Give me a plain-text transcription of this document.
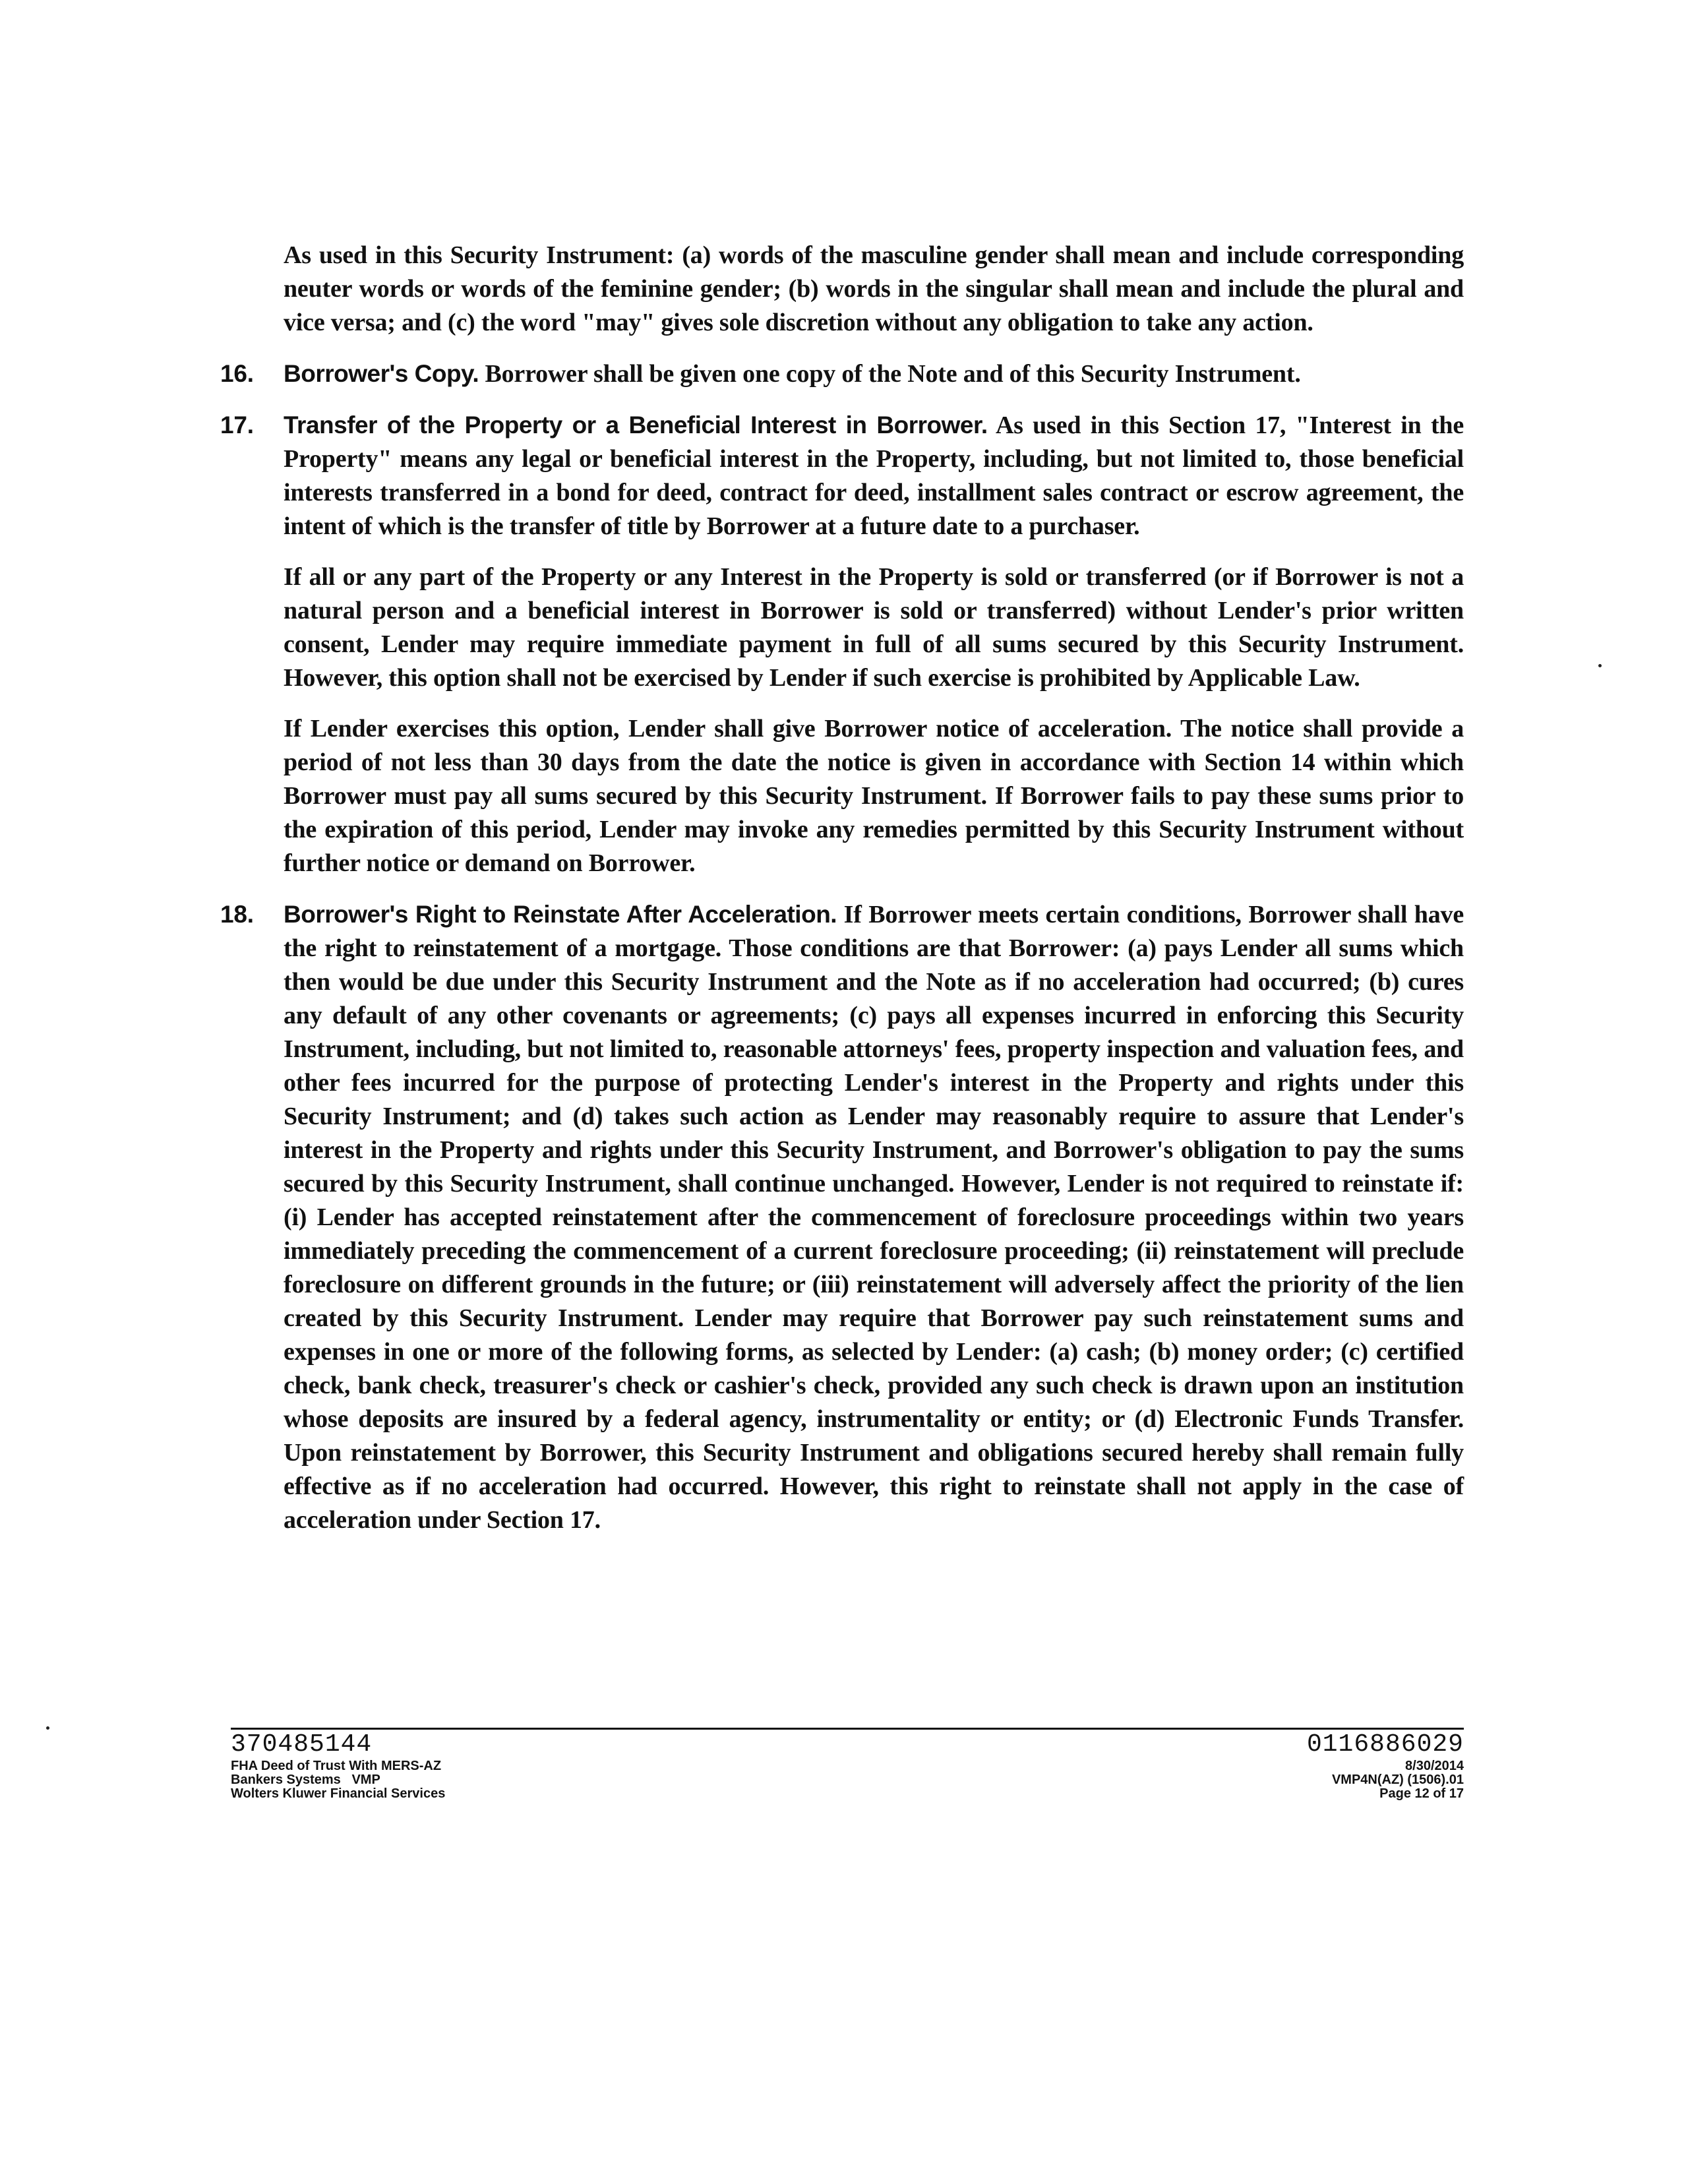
As used in this Security Instrument: (a) words of the masculine gender shall mean and include corresponding neuter words or words of the feminine gender; (b) words in the singular shall mean and include the plural and vice versa; and (c) the word "may" gives sole discretion without any obligation to take any action.

16. Borrower's Copy. Borrower shall be given one copy of the Note and of this Security Instrument.

17. Transfer of the Property or a Beneficial Interest in Borrower. As used in this Section 17, "Interest in the Property" means any legal or beneficial interest in the Property, including, but not limited to, those beneficial interests transferred in a bond for deed, contract for deed, installment sales contract or escrow agreement, the intent of which is the transfer of title by Borrower at a future date to a purchaser.

If all or any part of the Property or any Interest in the Property is sold or transferred (or if Borrower is not a natural person and a beneficial interest in Borrower is sold or transferred) without Lender's prior written consent, Lender may require immediate payment in full of all sums secured by this Security Instrument. However, this option shall not be exercised by Lender if such exercise is prohibited by Applicable Law.

If Lender exercises this option, Lender shall give Borrower notice of acceleration. The notice shall provide a period of not less than 30 days from the date the notice is given in accordance with Section 14 within which Borrower must pay all sums secured by this Security Instrument. If Borrower fails to pay these sums prior to the expiration of this period, Lender may invoke any remedies permitted by this Security Instrument without further notice or demand on Borrower.

18. Borrower's Right to Reinstate After Acceleration. If Borrower meets certain conditions, Borrower shall have the right to reinstatement of a mortgage. Those conditions are that Borrower: (a) pays Lender all sums which then would be due under this Security Instrument and the Note as if no acceleration had occurred; (b) cures any default of any other covenants or agreements; (c) pays all expenses incurred in enforcing this Security Instrument, including, but not limited to, reasonable attorneys' fees, property inspection and valuation fees, and other fees incurred for the purpose of protecting Lender's interest in the Property and rights under this Security Instrument; and (d) takes such action as Lender may reasonably require to assure that Lender's interest in the Property and rights under this Security Instrument, and Borrower's obligation to pay the sums secured by this Security Instrument, shall continue unchanged. However, Lender is not required to reinstate if: (i) Lender has accepted reinstatement after the commencement of foreclosure proceedings within two years immediately preceding the commencement of a current foreclosure proceeding; (ii) reinstatement will preclude foreclosure on different grounds in the future; or (iii) reinstatement will adversely affect the priority of the lien created by this Security Instrument. Lender may require that Borrower pay such reinstatement sums and expenses in one or more of the following forms, as selected by Lender: (a) cash; (b) money order; (c) certified check, bank check, treasurer's check or cashier's check, provided any such check is drawn upon an institution whose deposits are insured by a federal agency, instrumentality or entity; or (d) Electronic Funds Transfer. Upon reinstatement by Borrower, this Security Instrument and obligations secured hereby shall remain fully effective as if no acceleration had occurred. However, this right to reinstate shall not apply in the case of acceleration under Section 17.

370485144
FHA Deed of Trust With MERS-AZ
Bankers Systems   VMP
Wolters Kluwer Financial Services
0116886029
8/30/2014
VMP4N(AZ) (1506).01
Page 12 of 17
